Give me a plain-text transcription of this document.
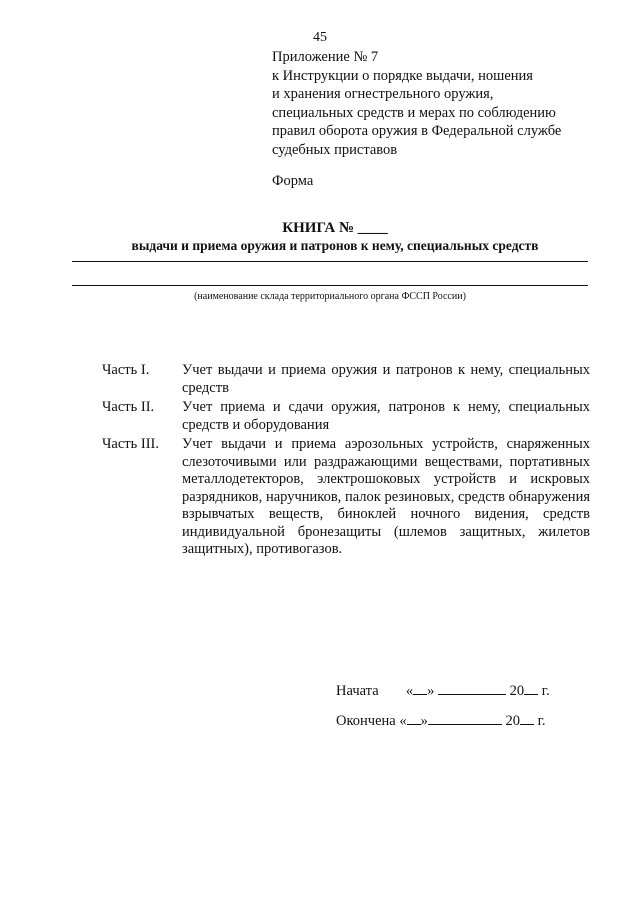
45
Приложение № 7
к Инструкции о порядке выдачи, ношения
и хранения огнестрельного оружия,
специальных средств и мерах по соблюдению
правил оборота оружия в Федеральной службе
судебных приставов
Форма
КНИГА № ____
выдачи и приема оружия и патронов к нему, специальных средств
(наименование склада территориального органа ФССП России)
Часть I.	Учет выдачи и приема оружия и патронов к нему, специальных средств
Часть II.	Учет приема и сдачи оружия, патронов к нему, специальных средств и оборудования
Часть III.	Учет выдачи и приема аэрозольных устройств, снаряженных слезоточивыми или раздражающими веществами, портативных металлодетекторов, электрошоковых устройств и искровых разрядников, наручников, палок резиновых, средств обнаружения взрывчатых веществ, биноклей ночного видения, средств индивидуальной бронезащиты (шлемов защитных, жилетов защитных), противогазов.
Начата « »	20 г.
Окончена « »	20 г.
